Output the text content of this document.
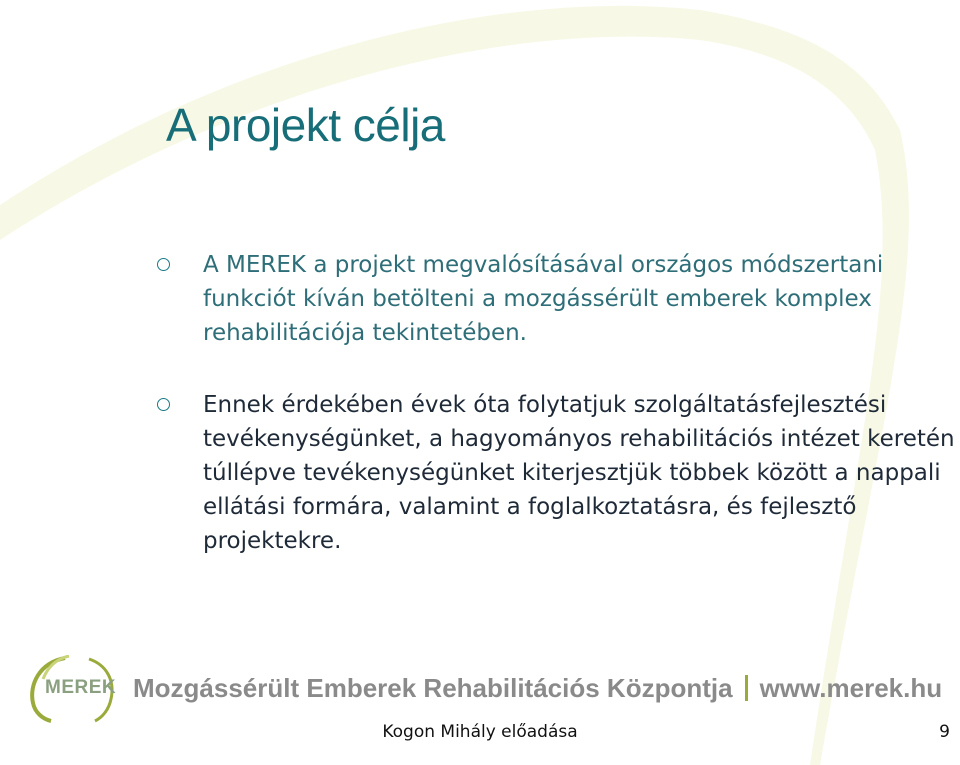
A projekt célja
A MEREK a projekt megvalósításával országos módszertani funkciót kíván betölteni a mozgássérült emberek komplex rehabilitációja tekintetében.
Ennek érdekében évek óta folytatjuk szolgáltatásfejlesztési tevékenységünket, a hagyományos rehabilitációs intézet keretén túllépve tevékenységünket kiterjesztjük többek között a nappali ellátási formára, valamint a foglalkoztatásra, és fejlesztő projektekre.
MEREK Mozgássérült Emberek Rehabilitációs Központja www.merek.hu
Kogon Mihály előadása	9
